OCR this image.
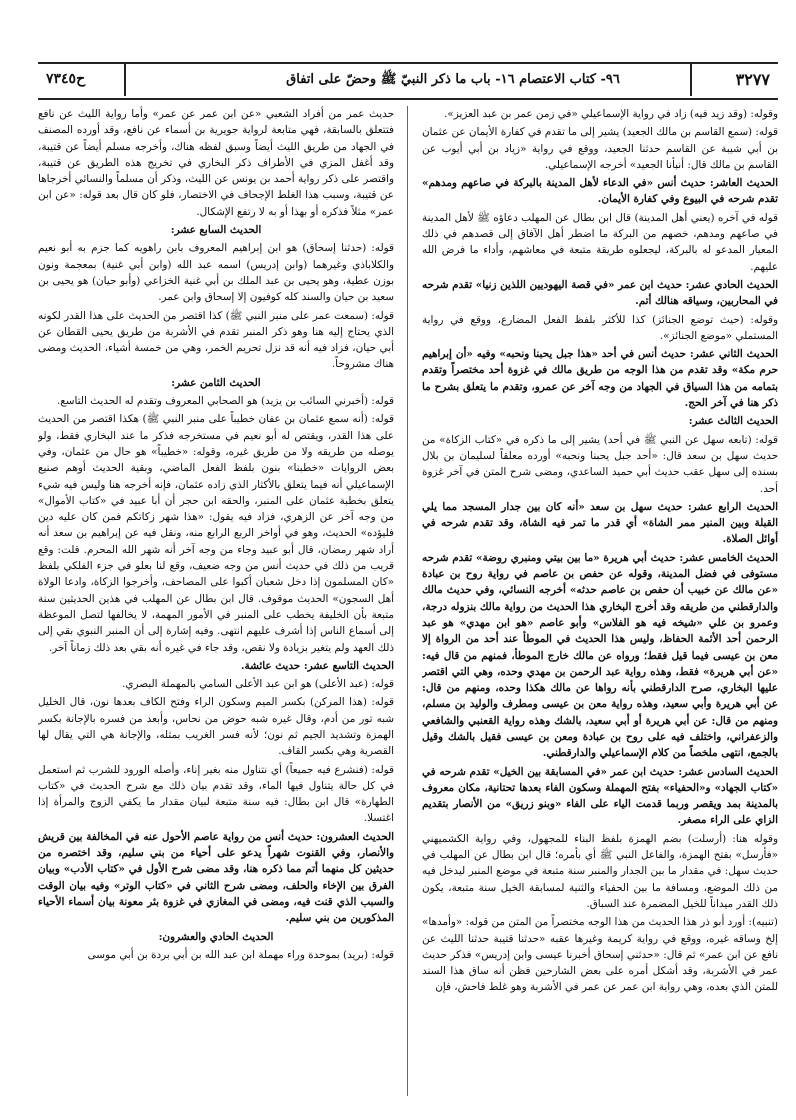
٣٢٧٧
٩٦- كتاب الاعتصام ١٦- باب ما ذكر النبيّ ﷺ وحضّ على اتفاق
ح٧٣٤٥

وقوله: (وقد زيد فيه) زاد في رواية الإسماعيلي «في زمن عمر بن عبد العزيز».

قوله: (سمع القاسم بن مالك الجعيد) يشير إلى ما تقدم في كفارة الأيمان عن عثمان بن أبي شيبة عن القاسم حدثنا الجعيد، ووقع في رواية «زياد بن أبي أيوب عن القاسم بن مالك قال: أنبأنا الجعيد» أخرجه الإسماعيلي.

الحديث العاشر: حديث أنس «في الدعاء لأهل المدينة بالبركة في صاعهم ومدهم» تقدم شرحه في البيوع وفي كفارة الأيمان.

قوله في آخره (يعني أهل المدينة) قال ابن بطال عن المهلب دعاؤه ﷺ لأهل المدينة في صاعهم ومدهم، خصهم من البركة ما اضطر أهل الآفاق إلى قصدهم في ذلك المعيار المدعو له بالبركة، ليجعلوه طريقة متبعة في معاشهم، وأداء ما فرض الله عليهم.

الحديث الحادي عشر: حديث ابن عمر «في قصة اليهوديين اللذين زنيا» تقدم شرحه في المحاربين، وسياقه هنالك أتم.

وقوله: (حيث توضع الجنائز) كذا للأكثر بلفظ الفعل المضارع، ووقع في رواية المستملي «موضع الجنائز».

الحديث الثاني عشر: حديث أنس في أحد «هذا جبل يحبنا ونحبه» وفيه «أن إبراهيم حرم مكة» وقد تقدم من هذا الوجه من طريق مالك في غزوة أحد مختصراً وتقدم بتمامه من هذا السياق في الجهاد من وجه آخر عن عمرو، وتقدم ما يتعلق بشرح ما ذكر هنا في آخر الحج.

الحديث الثالث عشر:

قوله: (تابعه سهل عن النبي ﷺ في أحد) يشير إلى ما ذكره في «كتاب الزكاة» من حديث سهل بن سعد قال: «أحد جبل يحبنا ونحبه» أورده معلقاً لسليمان بن بلال بسنده إلى سهل عقب حديث أبي حميد الساعدي، ومضى شرح المتن في آخر غزوة أحد.

الحديث الرابع عشر: حديث سهل بن سعد «أنه كان بين جدار المسجد مما يلي القبلة وبين المنبر ممر الشاة» أي قدر ما تمر فيه الشاة، وقد تقدم شرحه في أوائل الصلاة.

الحديث الخامس عشر: حديث أبي هريرة «ما بين بيتي ومنبري روضة» تقدم شرحه مستوفى في فضل المدينة، وقوله عن حفص بن عاصم في رواية روح بن عبادة «عن مالك عن خبيب أن حفص بن عاصم حدثه» أخرجه النسائي، وفي حديث مالك والدارقطني من طريقه وقد أخرج البخاري هذا الحديث من رواية مالك بنزوله درجة، وعمرو بن علي «شيخه فيه هو الفلاس» وأبو عاصم «هو ابن مهدي» هو عبد الرحمن أحد الأئمة الحفاظ، وليس هذا الحديث في الموطأ عند أحد من الرواة إلا معن بن عيسى فيما قيل فقط؛ ورواه عن مالك خارج الموطأ، فمنهم من قال فيه: «عن أبي هريرة» فقط، وهذه رواية عبد الرحمن بن مهدي وحده، وهي التي اقتصر عليها البخاري، صرح الدارقطني بأنه رواها عن مالك هكذا وحده، ومنهم من قال: عن أبي هريرة وأبي سعيد، وهذه رواية معن بن عيسى ومطرف والوليد بن مسلم، ومنهم من قال: عن أبي هريرة أو أبي سعيد، بالشك وهذه رواية القعنبي والشافعي والزعفراني، واختلف فيه على روح بن عبادة ومعن بن عيسى فقيل بالشك وقيل بالجمع، انتهى ملخصاً من كلام الإسماعيلي والدارقطني.

الحديث السادس عشر: حديث ابن عمر «في المسابقة بين الخيل» تقدم شرحه في «كتاب الجهاد» و«الحفياء» بفتح المهملة وسكون الفاء بعدها تحتانية، مكان معروف بالمدينة بمد ويقصر وربما قدمت الياء على الفاء «وبنو زريق» من الأنصار بتقديم الزاي على الراء مصغر.

وقوله هنا: (أرسلت) بضم الهمزة بلفظ البناء للمجهول، وفي رواية الكشميهني «فأرسل» بفتح الهمزة، والفاعل النبي ﷺ أي بأمره؛ قال ابن بطال عن المهلب في حديث سهل: في مقدار ما بين الجدار والمنبر سنة متبعة في موضع المنبر ليدخل فيه من ذلك الموضع، ومسافة ما بين الحفياء والثنية لمسابقة الخيل سنة متبعة، يكون ذلك القدر ميداناً للخيل المضمرة عند السباق.

(تنبيه): أورد أبو ذر هذا الحديث من هذا الوجه مختصراً من المتن من قوله: «وأمدها» إلخ وساقه غيره، ووقع في رواية كريمة وغيرها عقبه «حدثنا قتيبة حدثنا الليث عن نافع عن ابن عمر» ثم قال: «حدثني إسحاق أخبرنا عيسى وابن إدريس» فذكر حديث عمر في الأشربة، وقد أشكل أمره على بعض الشارحين فظن أنه ساق هذا السند للمتن الذي بعده، وهي رواية ابن عمر عن عمر في الأشربة وهو غلط فاحش، فإن

حديث عمر من أفراد الشعبي «عن ابن عمر عن عمر» وأما رواية الليث عن نافع فتتعلق بالسابقة، فهي متابعة لرواية جويرية بن أسماء عن نافع، وقد أورده المصنف في الجهاد من طريق الليث أيضاً وسبق لفظه هناك، وأخرجه مسلم أيضاً عن قتيبة، وقد أغفل المزي في الأطراف ذكر البخاري في تخريج هذه الطريق عن قتيبة، واقتصر على ذكر رواية أحمد بن يونس عن الليث، وذكر أن مسلماً والنسائي أخرجاها عن قتيبة، وسبب هذا الغلط الإجحاف في الاختصار، فلو كان قال بعد قوله: «عن ابن عمر» مثلاً فذكره أو بهذا أو به لا رتفع الإشكال.

الحديث السابع عشر:

قوله: (حدثنا إسحاق) هو ابن إبراهيم المعروف بابن راهويه كما جزم به أبو نعيم والكلاباذي وغيرهما (وابن إدريس) اسمه عبد الله (وابن أبي غنية) بمعجمة ونون بوزن عطية، وهو يحيى بن عبد الملك بن أبي غنية الخزاعي (وأبو حيان) هو يحيى بن سعيد بن حيان والسند كله كوفيون إلا إسحاق وابن عمر.

قوله: (سمعت عمر على منبر النبي ﷺ) كذا اقتصر من الحديث على هذا القدر لكونه الذي يحتاج إليه هنا وهو ذكر المنبر تقدم في الأشربة من طريق يحيى القطان عن أبي حيان، فزاد فيه أنه قد نزل تحريم الخمر، وهي من خمسة أشياء، الحديث ومضى هناك مشروحاً.

الحديث الثامن عشر:

قوله: (أخبرني السائب بن يزيد) هو الصحابي المعروف وتقدم له الحديث التاسع.

قوله: (أنه سمع عثمان بن عفان خطيباً على منبر النبي ﷺ) هكذا اقتصر من الحديث على هذا القدر، ويقتص له أبو نعيم في مستخرجه فذكر ما عند البخاري فقط، ولو يوصله من طريقه ولا من طريق غيره، وقوله: «خطيباً» هو حال من عثمان، وفي بعض الروايات «خطبنا» بنون بلفظ الفعل الماضي، وبقية الحديث أوهم صنيع الإسماعيلي أنه فيما يتعلق بالأكثار الذي زاده عثمان، فإنه أخرجه هنا وليس فيه شيء يتعلق بخطبة عثمان على المنبر، والحقه ابن حجر أن أبا عبيد في «كتاب الأموال» من وجه آخر عن الزهري، فزاد فيه يقول: «هذا شهر زكاتكم فمن كان عليه دين فليؤده» الحديث، وهو في أواخر الربع الرابع منه، ونقل فيه عن إبراهيم بن سعد أنه أراد شهر رمضان، قال أبو عبيد وجاء من وجه آخر أنه شهر الله المحرم. قلت: وقع قريب من ذلك في حديث أنس من وجه ضعيف، وقع لنا بعلو في جزء الفلكي بلفظ «كان المسلمون إذا دخل شعبان أكبوا على المصاحف، وأخرجوا الزكاة، وادعا الولاة أهل السجون» الحديث موقوف. قال ابن بطال عن المهلب في هذين الحديثين سنة متبعة بأن الخليفة يخطب على المنبر في الأمور المهمة، لا يخالفها لتصل الموعظة إلى أسماع الناس إذا أشرف عليهم انتهى. وفيه إشارة إلى أن المنبر النبوي بقي إلى ذلك العهد ولم يتغير بزيادة ولا نقص، وقد جاء في غيره أنه بقي بعد ذلك زماناً آخر.

الحديث التاسع عشر: حديث عائشة.

قوله: (عبد الأعلى) هو ابن عبد الأعلى السامي بالمهملة البصري.

قوله: (هذا المركن) بكسر الميم وسكون الراء وفتح الكاف بعدها نون، قال الخليل شبه تور من أدم، وقال غيره شبه حوض من نحاس، وأبعد من فسره بالإجانة بكسر الهمزة وتشديد الجيم ثم نون؛ لأنه فسر الغريب بمثله، والإجانة هي التي يقال لها القصرية وهي بكسر القاف.

قوله: (فنشرع فيه جميعاً) أي نتناول منه بغير إناء، وأصله الورود للشرب ثم استعمل في كل حالة يتناول فيها الماء، وقد تقدم بيان ذلك مع شرح الحديث في «كتاب الطهارة» قال ابن بطال: فيه سنة متبعة لبيان مقدار ما يكفي الزوج والمرأة إذا اغتسلا.

الحديث العشرون: حديث أنس من رواية عاصم الأحول عنه في المخالفة بين قريش والأنصار، وفي القنوت شهراً يدعو على أحياء من بني سليم، وقد اختصره من حديثين كل منهما أتم مما ذكره هنا، وقد مضى شرح الأول في «كتاب الأدب» وبيان الفرق بين الإخاء والحلف، ومضى شرح الثاني في «كتاب الوتر» وفيه بيان الوقت والسبب الذي قنت فيه، ومضى في المغازي في غزوة بئر معونة بيان أسماء الأحياء المذكورين من بني سليم.

الحديث الحادي والعشرون:

قوله: (بريد) بموحدة وراء مهملة ابن عبد الله بن أبي بردة بن أبي موسى
